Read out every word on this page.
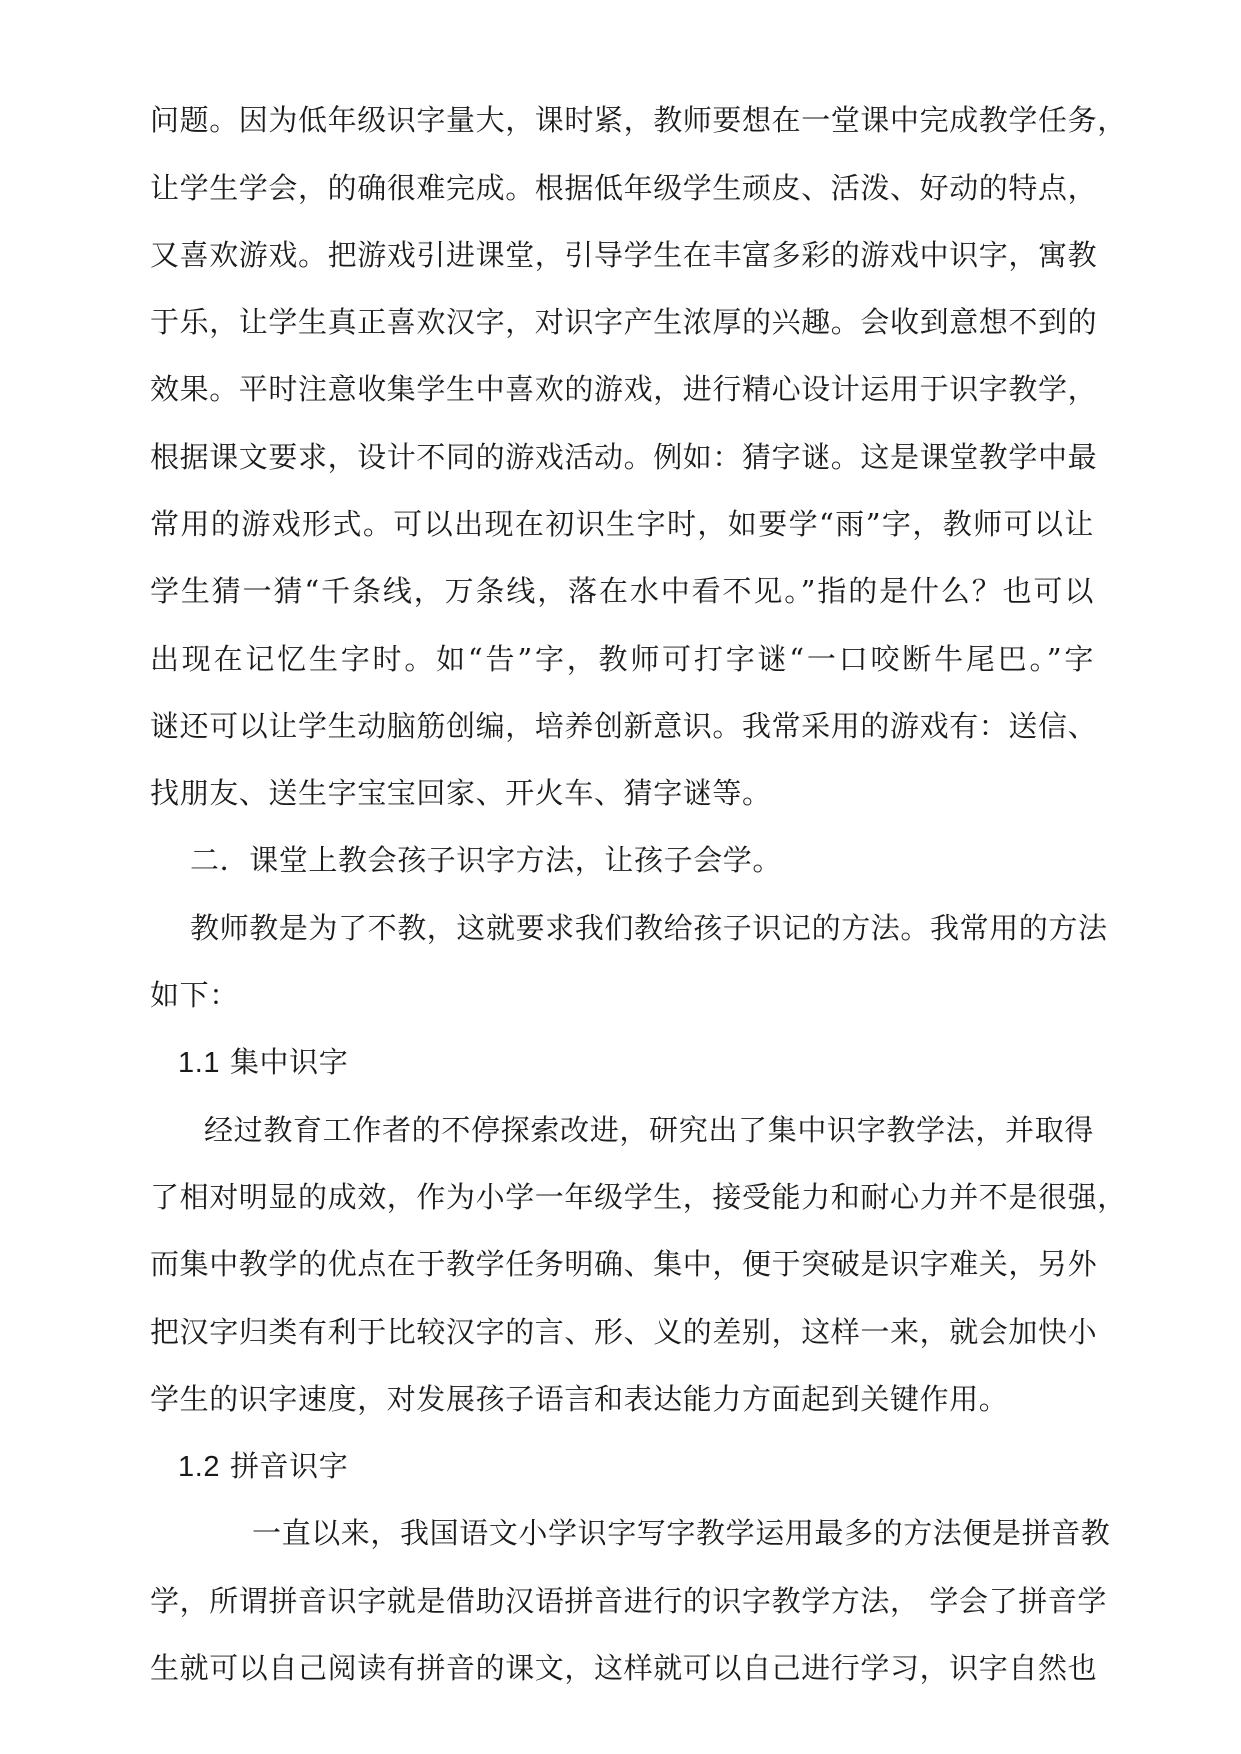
问题。因为低年级识字量大，课时紧，教师要想在一堂课中完成教学任务，
让学生学会，的确很难完成。根据低年级学生顽皮、活泼、好动的特点，
又喜欢游戏。把游戏引进课堂，引导学生在丰富多彩的游戏中识字，寓教
于乐，让学生真正喜欢汉字，对识字产生浓厚的兴趣。会收到意想不到的
效果。平时注意收集学生中喜欢的游戏，进行精心设计运用于识字教学，
根据课文要求，设计不同的游戏活动。例如：猜字谜。这是课堂教学中最
常用的游戏形式。可以出现在初识生字时，如要学“雨”字，教师可以让
学生猜一猜“千条线，万条线，落在水中看不见。”指的是什么？也可以
出现在记忆生字时。如“告”字，教师可打字谜“一口咬断牛尾巴。”字
谜还可以让学生动脑筋创编，培养创新意识。我常采用的游戏有：送信、
找朋友、送生字宝宝回家、开火车、猜字谜等。
二．课堂上教会孩子识字方法，让孩子会学。
教师教是为了不教，这就要求我们教给孩子识记的方法。我常用的方法
如下：
1.1 集中识字
经过教育工作者的不停探索改进，研究出了集中识字教学法，并取得
了相对明显的成效，作为小学一年级学生，接受能力和耐心力并不是很强，
而集中教学的优点在于教学任务明确、集中，便于突破是识字难关，另外
把汉字归类有利于比较汉字的言、形、义的差别，这样一来，就会加快小
学生的识字速度，对发展孩子语言和表达能力方面起到关键作用。
1.2 拼音识字
一直以来，我国语文小学识字写字教学运用最多的方法便是拼音教
学，所谓拼音识字就是借助汉语拼音进行的识字教学方法， 学会了拼音学
生就可以自己阅读有拼音的课文，这样就可以自己进行学习，识字自然也
